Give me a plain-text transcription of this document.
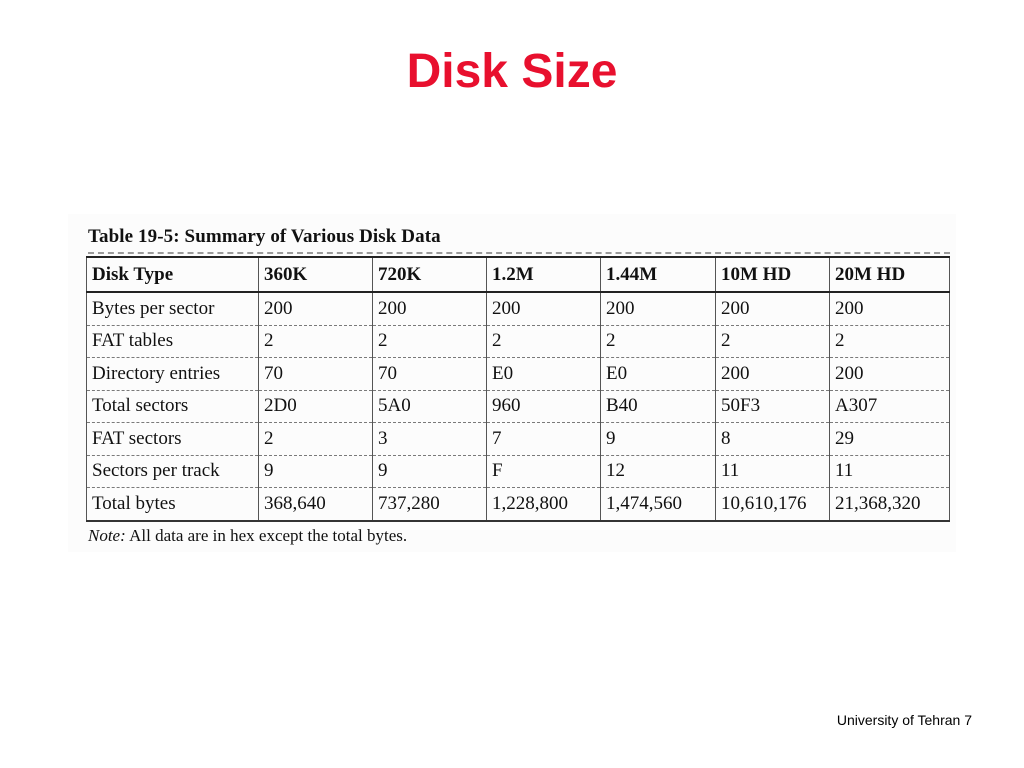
Disk Size
Table 19-5: Summary of Various Disk Data
Disk Type	360K	720K	1.2M	1.44M	10M HD	20M HD
Bytes per sector	200	200	200	200	200	200
FAT tables	2	2	2	2	2	2
Directory entries	70	70	E0	E0	200	200
Total sectors	2D0	5A0	960	B40	50F3	A307
FAT sectors	2	3	7	9	8	29
Sectors per track	9	9	F	12	11	11
Total bytes	368,640	737,280	1,228,800	1,474,560	10,610,176	21,368,320
Note: All data are in hex except the total bytes.
University of Tehran 7
